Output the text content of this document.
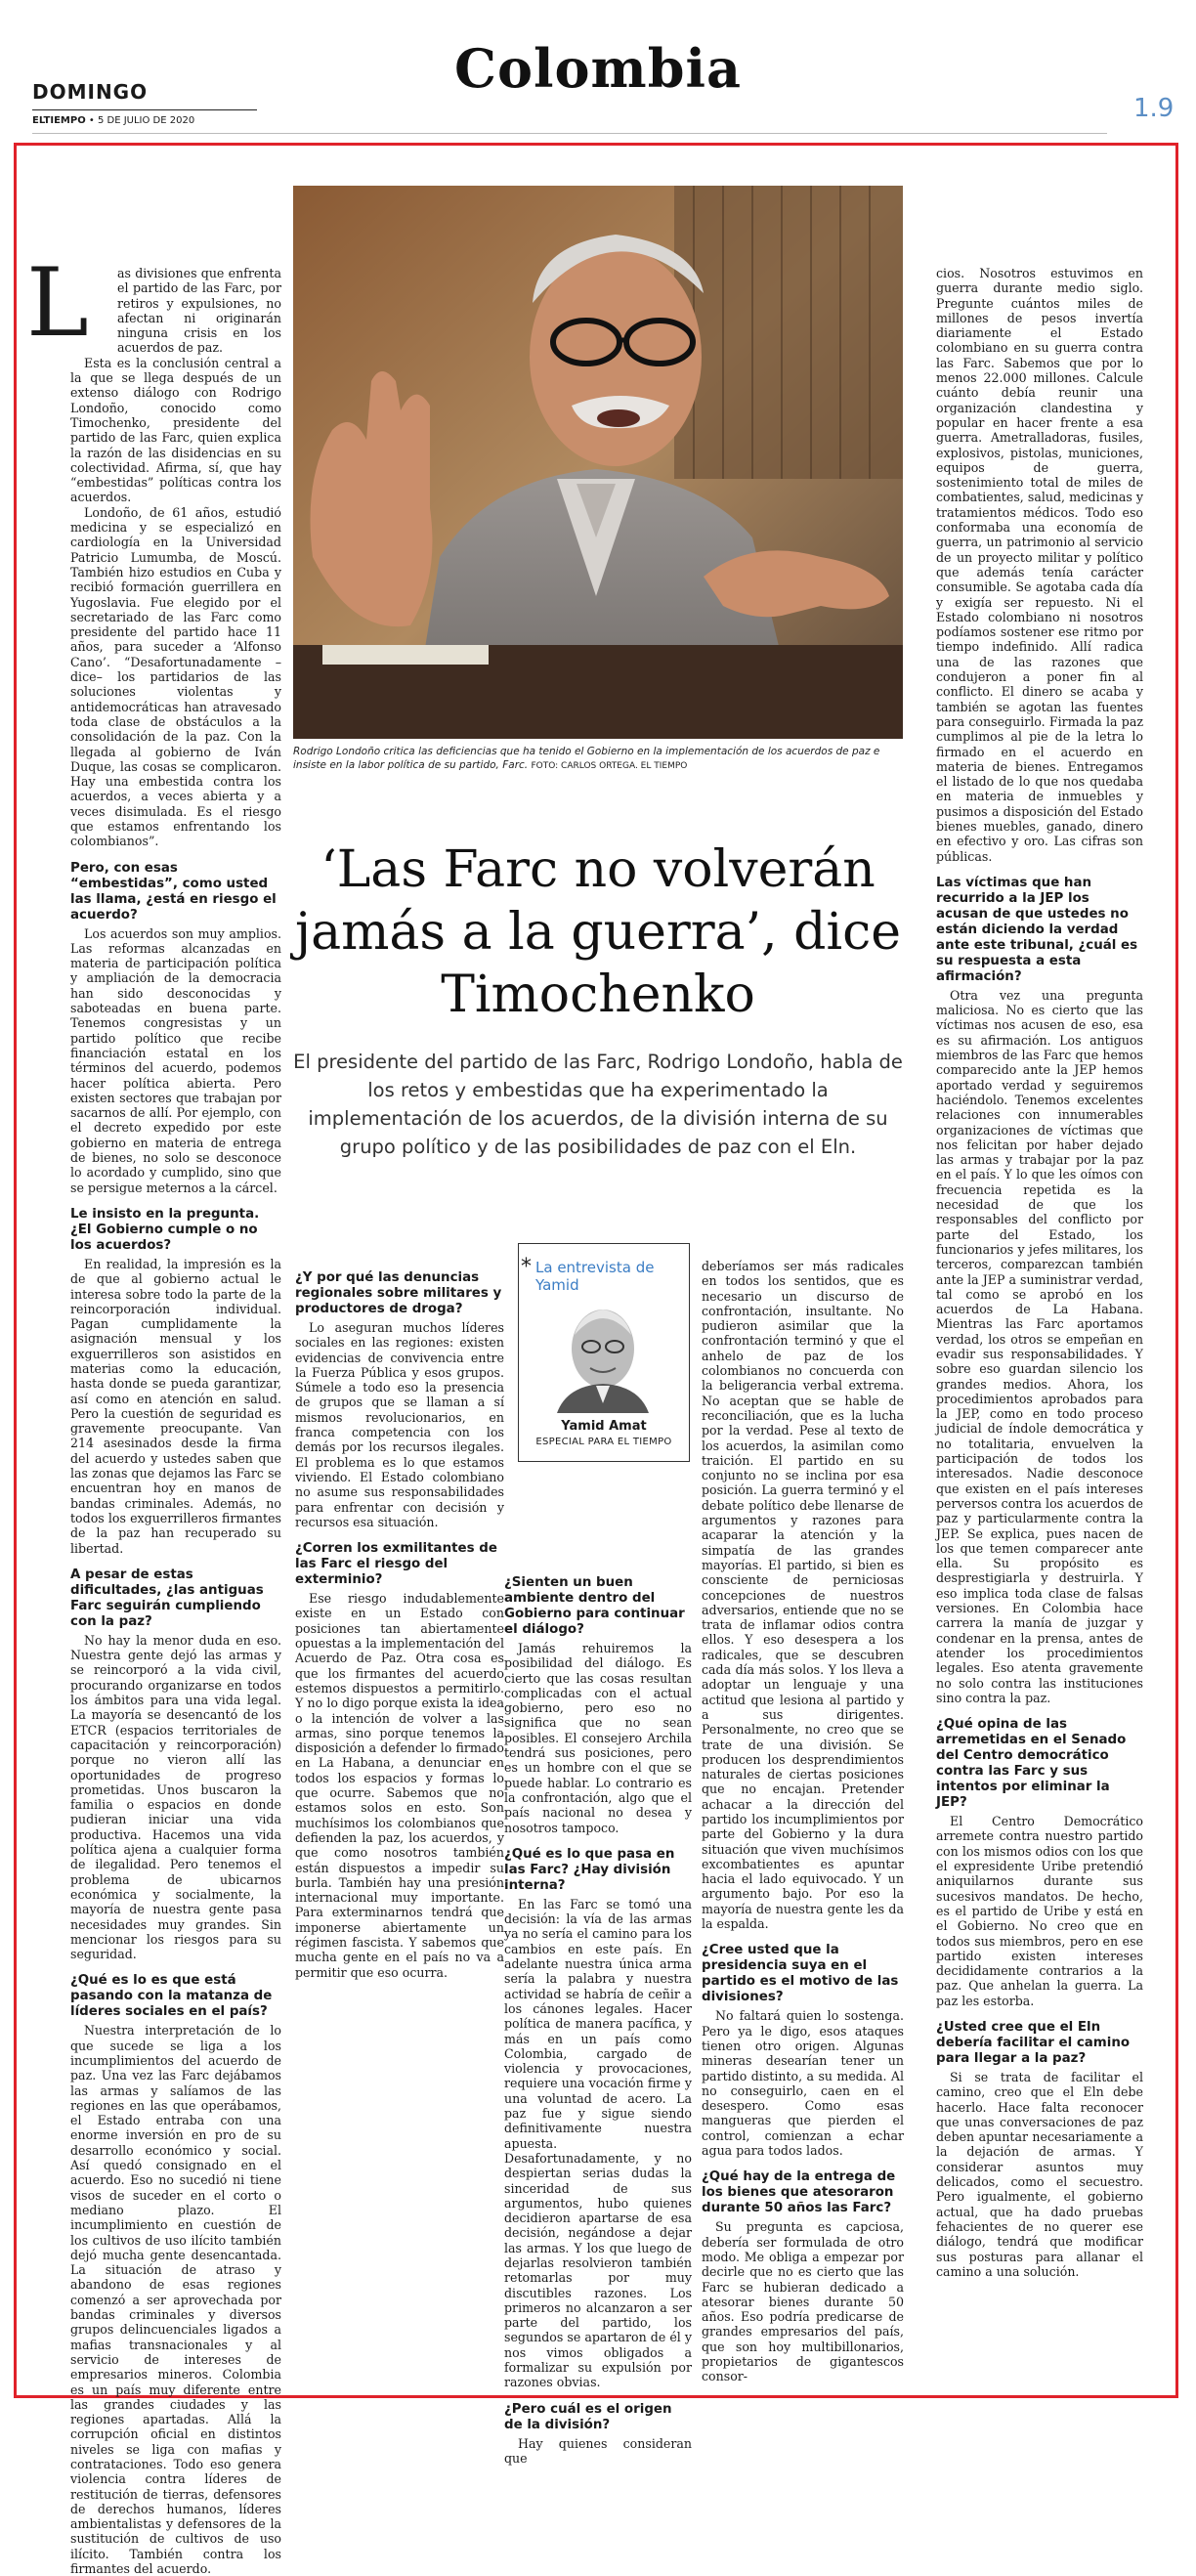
DOMINGO
ELTIEMPO • 5 DE JULIO DE 2020
Colombia
1.9
Rodrigo Londoño critica las deficiencias que ha tenido el Gobierno en la implementación de los acuerdos de paz e insiste en la labor política de su partido, Farc. FOTO: CARLOS ORTEGA. EL TIEMPO
‘Las Farc no volverán jamás a la guerra’, dice Timochenko
El presidente del partido de las Farc, Rodrigo Londoño, habla de los retos y embestidas que ha experimentado la implementación de los acuerdos, de la división interna de su grupo político y de las posibilidades de paz con el Eln.
* La entrevista de Yamid
Yamid Amat
ESPECIAL PARA EL TIEMPO
L as divisiones que enfrenta el partido de las Farc, por retiros y expulsiones, no afectan ni originarán ninguna crisis en los acuerdos de paz.

Esta es la conclusión central a la que se llega después de un extenso diálogo con Rodrigo Londoño, conocido como Timochenko, presidente del partido de las Farc, quien explica la razón de las disidencias en su colectividad. Afirma, sí, que hay “embestidas” políticas contra los acuerdos.

Londoño, de 61 años, estudió medicina y se especializó en cardiología en la Universidad Patricio Lumumba, de Moscú. También hizo estudios en Cuba y recibió formación guerrillera en Yugoslavia. Fue elegido por el secretariado de las Farc como presidente del partido hace 11 años, para suceder a ‘Alfonso Cano’. “Desafortunadamente –dice– los partidarios de las soluciones violentas y antidemocráticas han atravesado toda clase de obstáculos a la consolidación de la paz. Con la llegada al gobierno de Iván Duque, las cosas se complicaron. Hay una embestida contra los acuerdos, a veces abierta y a veces disimulada. Es el riesgo que estamos enfrentando los colombianos”.

Pero, con esas “embestidas”, como usted las llama, ¿está en riesgo el acuerdo?

Los acuerdos son muy amplios. Las reformas alcanzadas en materia de participación política y ampliación de la democracia han sido desconocidas y saboteadas en buena parte. Tenemos congresistas y un partido político que recibe financiación estatal en los términos del acuerdo, podemos hacer política abierta. Pero existen sectores que trabajan por sacarnos de allí. Por ejemplo, con el decreto expedido por este gobierno en materia de entrega de bienes, no solo se desconoce lo acordado y cumplido, sino que se persigue meternos a la cárcel.

Le insisto en la pregunta. ¿El Gobierno cumple o no los acuerdos?

En realidad, la impresión es la de que al gobierno actual le interesa sobre todo la parte de la reincorporación individual. Pagan cumplidamente la asignación mensual y los exguerrilleros son asistidos en materias como la educación, hasta donde se pueda garantizar, así como en atención en salud. Pero la cuestión de seguridad es gravemente preocupante. Van 214 asesinados desde la firma del acuerdo y ustedes saben que las zonas que dejamos las Farc se encuentran hoy en manos de bandas criminales. Además, no todos los exguerrilleros firmantes de la paz han recuperado su libertad.

A pesar de estas dificultades, ¿las antiguas Farc seguirán cumpliendo con la paz?

No hay la menor duda en eso. Nuestra gente dejó las armas y se reincorporó a la vida civil, procurando organizarse en todos los ámbitos para una vida legal. La mayoría se desencantó de los ETCR (espacios territoriales de capacitación y reincorporación) porque no vieron allí las oportunidades de progreso prometidas. Unos buscaron la familia o espacios en donde pudieran iniciar una vida productiva. Hacemos una vida política ajena a cualquier forma de ilegalidad. Pero tenemos el problema de ubicarnos económica y socialmente, la mayoría de nuestra gente pasa necesidades muy grandes. Sin mencionar los riesgos para su seguridad.

¿Qué es lo es que está pasando con la matanza de líderes sociales en el país?

Nuestra interpretación de lo que sucede se liga a los incumplimientos del acuerdo de paz. Una vez las Farc dejábamos las armas y salíamos de las regiones en las que operábamos, el Estado entraba con una enorme inversión en pro de su desarrollo económico y social. Así quedó consignado en el acuerdo. Eso no sucedió ni tiene visos de suceder en el corto o mediano plazo. El incumplimiento en cuestión de los cultivos de uso ilícito también dejó mucha gente desencantada. La situación de atraso y abandono de esas regiones comenzó a ser aprovechada por bandas criminales y diversos grupos delincuenciales ligados a mafias transnacionales y al servicio de intereses de empresarios mineros. Colombia es un país muy diferente entre las grandes ciudades y las regiones apartadas. Allá la corrupción oficial en distintos niveles se liga con mafias y contrataciones. Todo eso genera violencia contra líderes de restitución de tierras, defensores de derechos humanos, líderes ambientalistas y defensores de la sustitución de cultivos de uso ilícito. También contra los firmantes del acuerdo.

¿Y por qué las denuncias regionales sobre militares y productores de droga?

Lo aseguran muchos líderes sociales en las regiones: existen evidencias de convivencia entre la Fuerza Pública y esos grupos. Súmele a todo eso la presencia de grupos que se llaman a sí mismos revolucionarios, en franca competencia con los demás por los recursos ilegales. El problema es lo que estamos viviendo. El Estado colombiano no asume sus responsabilidades para enfrentar con decisión y recursos esa situación.

¿Corren los exmilitantes de las Farc el riesgo del exterminio?

Ese riesgo indudablemente existe en un Estado con posiciones tan abiertamente opuestas a la implementación del Acuerdo de Paz. Otra cosa es que los firmantes del acuerdo estemos dispuestos a permitirlo. Y no lo digo porque exista la idea o la intención de volver a las armas, sino porque tenemos la disposición a defender lo firmado en La Habana, a denunciar en todos los espacios y formas lo que ocurre. Sabemos que no estamos solos en esto. Son muchísimos los colombianos que defienden la paz, los acuerdos, y que como nosotros también están dispuestos a impedir su burla. También hay una presión internacional muy importante. Para exterminarnos tendrá que imponerse abiertamente un régimen fascista. Y sabemos que mucha gente en el país no va a permitir que eso ocurra.

¿Sienten un buen ambiente dentro del Gobierno para continuar el diálogo?

Jamás rehuiremos la posibilidad del diálogo. Es cierto que las cosas resultan complicadas con el actual gobierno, pero eso no significa que no sean posibles. El consejero Archila tendrá sus posiciones, pero es un hombre con el que se puede hablar. Lo contrario es la confrontación, algo que el país nacional no desea y nosotros tampoco.

¿Qué es lo que pasa en las Farc? ¿Hay división interna?

En las Farc se tomó una decisión: la vía de las armas ya no sería el camino para los cambios en este país. En adelante nuestra única arma sería la palabra y nuestra actividad se habría de ceñir a los cánones legales. Hacer política de manera pacífica, y más en un país como Colombia, cargado de violencia y provocaciones, requiere una vocación firme y una voluntad de acero. La paz fue y sigue siendo definitivamente nuestra apuesta. Desafortunadamente, y no despiertan serias dudas la sinceridad de sus argumentos, hubo quienes decidieron apartarse de esa decisión, negándose a dejar las armas. Y los que luego de dejarlas resolvieron también retomarlas por muy discutibles razones. Los primeros no alcanzaron a ser parte del partido, los segundos se apartaron de él y nos vimos obligados a formalizar su expulsión por razones obvias.

¿Pero cuál es el origen de la división?

Hay quienes consideran que

deberíamos ser más radicales en todos los sentidos, que es necesario un discurso de confrontación, insultante. No pudieron asimilar que la confrontación terminó y que el anhelo de paz de los colombianos no concuerda con la beligerancia verbal extrema. No aceptan que se hable de reconciliación, que es la lucha por la verdad. Pese al texto de los acuerdos, la asimilan como traición. El partido en su conjunto no se inclina por esa posición. La guerra terminó y el debate político debe llenarse de argumentos y razones para acaparar la atención y la simpatía de las grandes mayorías. El partido, si bien es consciente de perniciosas concepciones de nuestros adversarios, entiende que no se trata de inflamar odios contra ellos. Y eso desespera a los radicales, que se descubren cada día más solos. Y los lleva a adoptar un lenguaje y una actitud que lesiona al partido y a sus dirigentes. Personalmente, no creo que se trate de una división. Se producen los desprendimientos naturales de ciertas posiciones que no encajan. Pretender achacar a la dirección del partido los incumplimientos por parte del Gobierno y la dura situación que viven muchísimos excombatientes es apuntar hacia el lado equivocado. Y un argumento bajo. Por eso la mayoría de nuestra gente les da la espalda.

¿Cree usted que la presidencia suya en el partido es el motivo de las divisiones?

No faltará quien lo sostenga. Pero ya le digo, esos ataques tienen otro origen. Algunas mineras desearían tener un partido distinto, a su medida. Al no conseguirlo, caen en el desespero. Como esas mangueras que pierden el control, comienzan a echar agua para todos lados.

¿Qué hay de la entrega de los bienes que atesoraron durante 50 años las Farc?

Su pregunta es capciosa, debería ser formulada de otro modo. Me obliga a empezar por decirle que no es cierto que las Farc se hubieran dedicado a atesorar bienes durante 50 años. Eso podría predicarse de grandes empresarios del país, que son hoy multibillonarios, propietarios de gigantescos consor-

cios. Nosotros estuvimos en guerra durante medio siglo. Pregunte cuántos miles de millones de pesos invertía diariamente el Estado colombiano en su guerra contra las Farc. Sabemos que por lo menos 22.000 millones. Calcule cuánto debía reunir una organización clandestina y popular en hacer frente a esa guerra. Ametralladoras, fusiles, explosivos, pistolas, municiones, equipos de guerra, sostenimiento total de miles de combatientes, salud, medicinas y tratamientos médicos. Todo eso conformaba una economía de guerra, un patrimonio al servicio de un proyecto militar y político que además tenía carácter consumible. Se agotaba cada día y exigía ser repuesto. Ni el Estado colombiano ni nosotros podíamos sostener ese ritmo por tiempo indefinido. Allí radica una de las razones que condujeron a poner fin al conflicto. El dinero se acaba y también se agotan las fuentes para conseguirlo. Firmada la paz cumplimos al pie de la letra lo firmado en el acuerdo en materia de bienes. Entregamos el listado de lo que nos quedaba en materia de inmuebles y pusimos a disposición del Estado bienes muebles, ganado, dinero en efectivo y oro. Las cifras son públicas.

Las víctimas que han recurrido a la JEP los acusan de que ustedes no están diciendo la verdad ante este tribunal, ¿cuál es su respuesta a esta afirmación?

Otra vez una pregunta maliciosa. No es cierto que las víctimas nos acusen de eso, esa es su afirmación. Los antiguos miembros de las Farc que hemos comparecido ante la JEP hemos aportado verdad y seguiremos haciéndolo. Tenemos excelentes relaciones con innumerables organizaciones de víctimas que nos felicitan por haber dejado las armas y trabajar por la paz en el país. Y lo que les oímos con frecuencia repetida es la necesidad de que los responsables del conflicto por parte del Estado, los funcionarios y jefes militares, los terceros, comparezcan también ante la JEP a suministrar verdad, tal como se aprobó en los acuerdos de La Habana. Mientras las Farc aportamos verdad, los otros se empeñan en evadir sus responsabilidades. Y sobre eso guardan silencio los grandes medios. Ahora, los procedimientos aprobados para la JEP, como en todo proceso judicial de índole democrática y no totalitaria, envuelven la participación de todos los interesados. Nadie desconoce que existen en el país intereses perversos contra los acuerdos de paz y particularmente contra la JEP. Se explica, pues nacen de los que temen comparecer ante ella. Su propósito es desprestigiarla y destruirla. Y eso implica toda clase de falsas versiones. En Colombia hace carrera la manía de juzgar y condenar en la prensa, antes de atender los procedimientos legales. Eso atenta gravemente no solo contra las instituciones sino contra la paz.

¿Qué opina de las arremetidas en el Senado del Centro democrático contra las Farc y sus intentos por eliminar la JEP?

El Centro Democrático arremete contra nuestro partido con los mismos odios con los que el expresidente Uribe pretendió aniquilarnos durante sus sucesivos mandatos. De hecho, es el partido de Uribe y está en el Gobierno. No creo que en todos sus miembros, pero en ese partido existen intereses decididamente contrarios a la paz. Que anhelan la guerra. La paz les estorba.

¿Usted cree que el Eln debería facilitar el camino para llegar a la paz?

Si se trata de facilitar el camino, creo que el Eln debe hacerlo. Hace falta reconocer que unas conversaciones de paz deben apuntar necesariamente a la dejación de armas. Y considerar asuntos muy delicados, como el secuestro. Pero igualmente, el gobierno actual, que ha dado pruebas fehacientes de no querer ese diálogo, tendrá que modificar sus posturas para allanar el camino a una solución.
